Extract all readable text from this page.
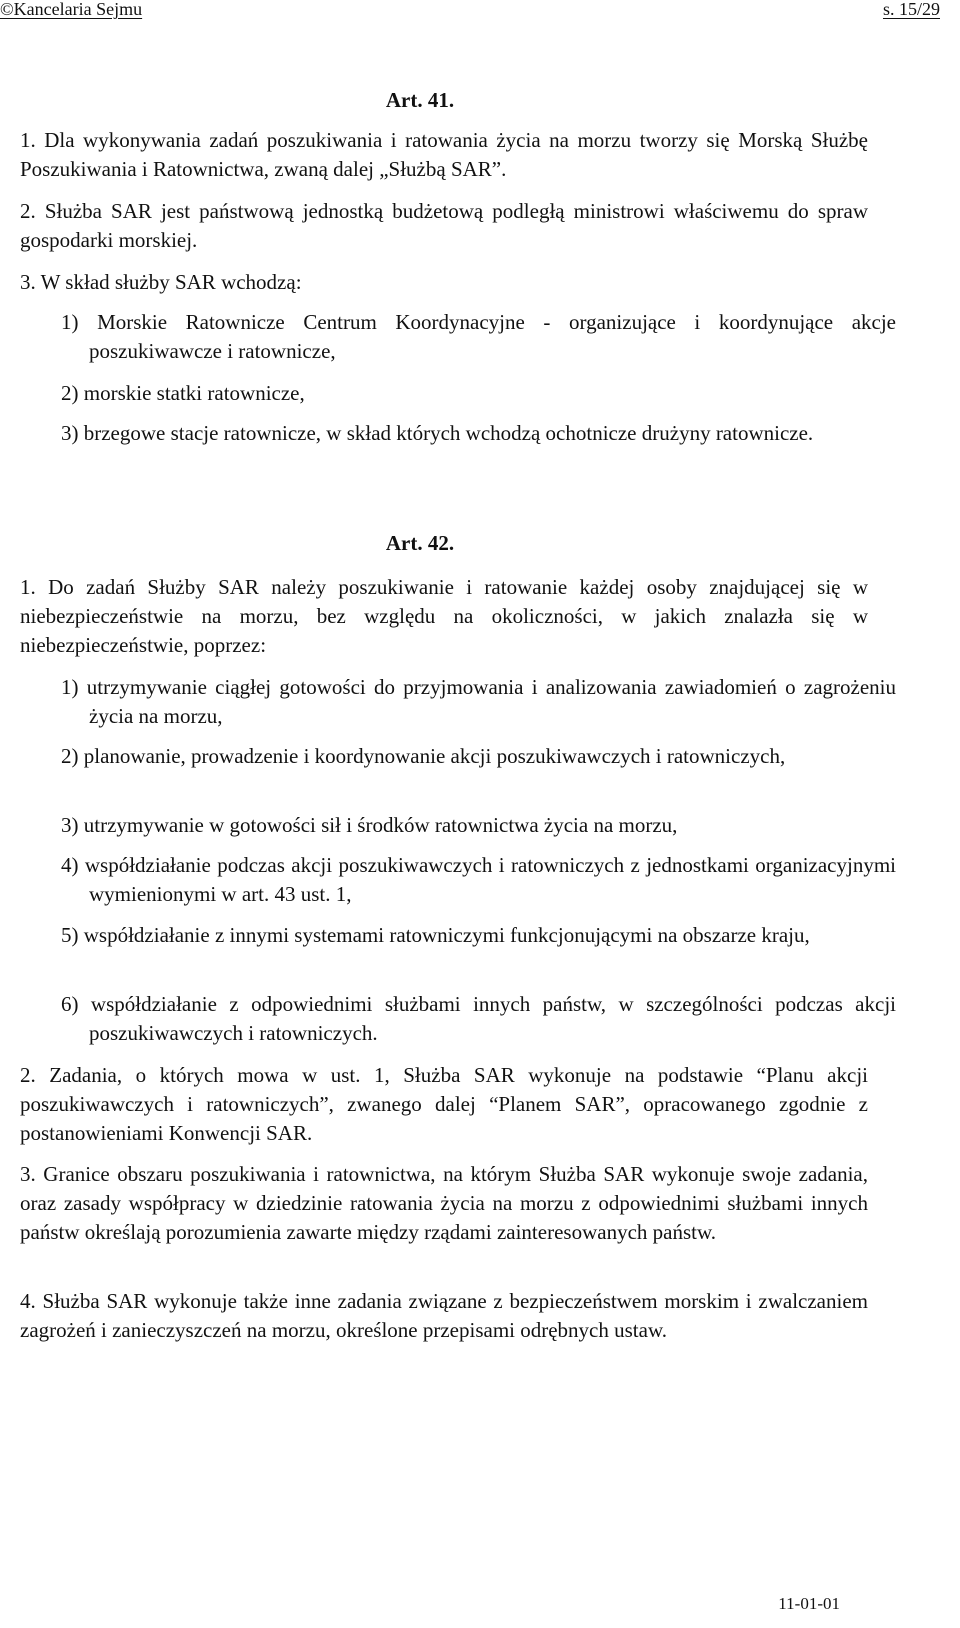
©Kancelaria Sejmu	s. 15/29
Art. 41.
1. Dla wykonywania zadań poszukiwania i ratowania życia na morzu tworzy się Morską Służbę Poszukiwania i Ratownictwa, zwaną dalej „Służbą SAR”.
2. Służba SAR jest państwową jednostką budżetową podległą ministrowi właściwemu do spraw gospodarki morskiej.
3. W skład służby SAR wchodzą:
1) Morskie Ratownicze Centrum Koordynacyjne - organizujące i koordynujące akcje poszukiwawcze i ratownicze,
2) morskie statki ratownicze,
3) brzegowe stacje ratownicze, w skład których wchodzą ochotnicze drużyny ratownicze.
Art. 42.
1. Do zadań Służby SAR należy poszukiwanie i ratowanie każdej osoby znajdującej się w niebezpieczeństwie na morzu, bez względu na okoliczności, w jakich znalazła się w niebezpieczeństwie, poprzez:
1) utrzymywanie ciągłej gotowości do przyjmowania i analizowania zawiadomień o zagrożeniu życia na morzu,
2) planowanie, prowadzenie i koordynowanie akcji poszukiwawczych i ratowniczych,
3) utrzymywanie w gotowości sił i środków ratownictwa życia na morzu,
4) współdziałanie podczas akcji poszukiwawczych i ratowniczych z jednostkami organizacyjnymi wymienionymi w art. 43 ust. 1,
5) współdziałanie z innymi systemami ratowniczymi funkcjonującymi na obszarze kraju,
6) współdziałanie z odpowiednimi służbami innych państw, w szczególności podczas akcji poszukiwawczych i ratowniczych.
2. Zadania, o których mowa w ust. 1, Służba SAR wykonuje na podstawie “Planu akcji poszukiwawczych i ratowniczych”, zwanego dalej “Planem SAR”, opracowanego zgodnie z postanowieniami Konwencji SAR.
3. Granice obszaru poszukiwania i ratownictwa, na którym Służba SAR wykonuje swoje zadania, oraz zasady współpracy w dziedzinie ratowania życia na morzu z odpowiednimi służbami innych państw określają porozumienia zawarte między rządami zainteresowanych państw.
4. Służba SAR wykonuje także inne zadania związane z bezpieczeństwem morskim i zwalczaniem zagrożeń i zanieczyszczeń na morzu, określone przepisami odrębnych ustaw.
11-01-01
